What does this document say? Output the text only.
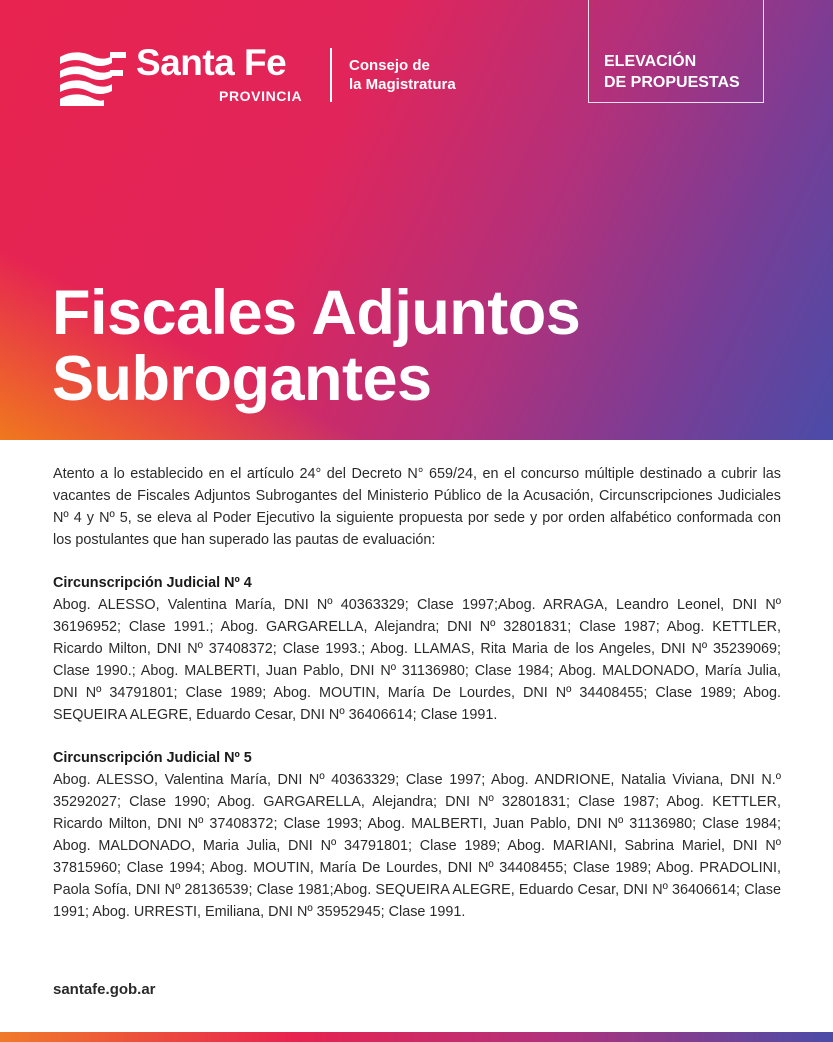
Santa Fe
PROVINCIA
Consejo de
la Magistratura
ELEVACIÓN
DE PROPUESTAS
Fiscales Adjuntos
Subrogantes

Atento a lo establecido en el artículo 24° del Decreto N° 659/24, en el concurso múltiple destinado a cubrir las vacantes de Fiscales Adjuntos Subrogantes del Ministerio Público de la Acusación, Circunscripciones Judiciales Nº 4 y Nº 5, se eleva al Poder Ejecutivo la siguiente propuesta por sede y por orden alfabético conformada con los postulantes que han superado las pautas de evaluación:

Circunscripción Judicial Nº 4

Abog. ALESSO, Valentina María, DNI Nº 40363329; Clase 1997;Abog. ARRAGA, Leandro Leonel, DNI Nº 36196952; Clase 1991.; Abog. GARGARELLA, Alejandra; DNI Nº 32801831; Clase 1987; Abog. KETTLER, Ricardo Milton, DNI Nº 37408372; Clase 1993.; Abog. LLAMAS, Rita Maria de los Angeles, DNI Nº 35239069; Clase 1990.; Abog. MALBERTI, Juan Pablo, DNI Nº 31136980; Clase 1984; Abog. MALDONADO, María Julia, DNI Nº 34791801; Clase 1989; Abog. MOUTIN, María De Lourdes, DNI Nº 34408455; Clase 1989; Abog. SEQUEIRA ALEGRE, Eduardo Cesar, DNI Nº 36406614; Clase 1991.

Circunscripción Judicial Nº 5

Abog. ALESSO, Valentina María, DNI Nº 40363329; Clase 1997; Abog. ANDRIONE, Natalia Viviana, DNI N.º 35292027; Clase 1990; Abog. GARGARELLA, Alejandra; DNI Nº 32801831; Clase 1987; Abog. KETTLER, Ricardo Milton, DNI Nº 37408372; Clase 1993; Abog. MALBERTI, Juan Pablo, DNI Nº 31136980; Clase 1984; Abog. MALDONADO, Maria Julia, DNI Nº 34791801; Clase 1989; Abog. MARIANI, Sabrina Mariel, DNI Nº 37815960; Clase 1994; Abog. MOUTIN, María De Lourdes, DNI Nº 34408455; Clase 1989; Abog. PRADOLINI, Paola Sofía, DNI Nº 28136539; Clase 1981;Abog. SEQUEIRA ALEGRE, Eduardo Cesar, DNI Nº 36406614; Clase 1991; Abog. URRESTI, Emiliana, DNI Nº 35952945; Clase 1991.

santafe.gob.ar
